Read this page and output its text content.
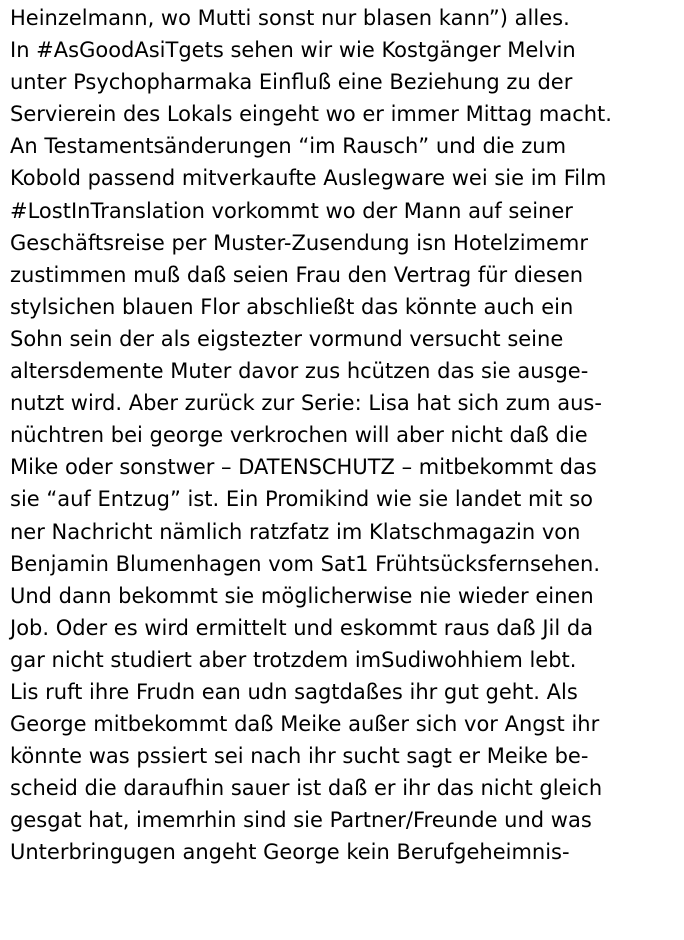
Heinzelmann, wo Mutti sonst nur blasen kann”) alles.
In #AsGoodAsiTgets sehen wir wie Kostgänger Melvin
unter Psychopharmaka Einfluß eine Beziehung zu der
Servierein des Lokals eingeht wo er immer Mittag macht.
An Testamentsänderungen “im Rausch” und die zum
Kobold passend mitverkaufte Auslegware wei sie im Film
#LostInTranslation vorkommt wo der Mann auf seiner
Geschäftsreise per Muster-Zusendung isn Hotelzimemr
zustimmen muß daß seien Frau den Vertrag für diesen
stylsichen blauen Flor abschließt das könnte auch ein
Sohn sein der als eigstezter vormund versucht seine
altersdemente Muter davor zus hcützen das sie ausge-
nutzt wird. Aber zurück zur Serie: Lisa hat sich zum aus-
nüchtren bei george verkrochen will aber nicht daß die
Mike oder sonstwer – DATENSCHUTZ – mitbekommt das
sie “auf Entzug” ist. Ein Promikind wie sie landet mit so
ner Nachricht nämlich ratzfatz im Klatschmagazin von
Benjamin Blumenhagen vom Sat1 Frühtsücksfernsehen.
Und dann bekommt sie möglicherwise nie wieder einen
Job. Oder es wird ermittelt und eskommt raus daß Jil da
gar nicht studiert aber trotzdem imSudiwohhiem lebt.
Lis ruft ihre Frudn ean udn sagtdaßes ihr gut geht. Als
George mitbekommt daß Meike außer sich vor Angst ihr
könnte was pssiert sei nach ihr sucht sagt er Meike be-
scheid die daraufhin sauer ist daß er ihr das nicht gleich
gesgat hat, imemrhin sind sie Partner/Freunde und was
Unterbringugen angeht George kein Berufgeheimnis-
